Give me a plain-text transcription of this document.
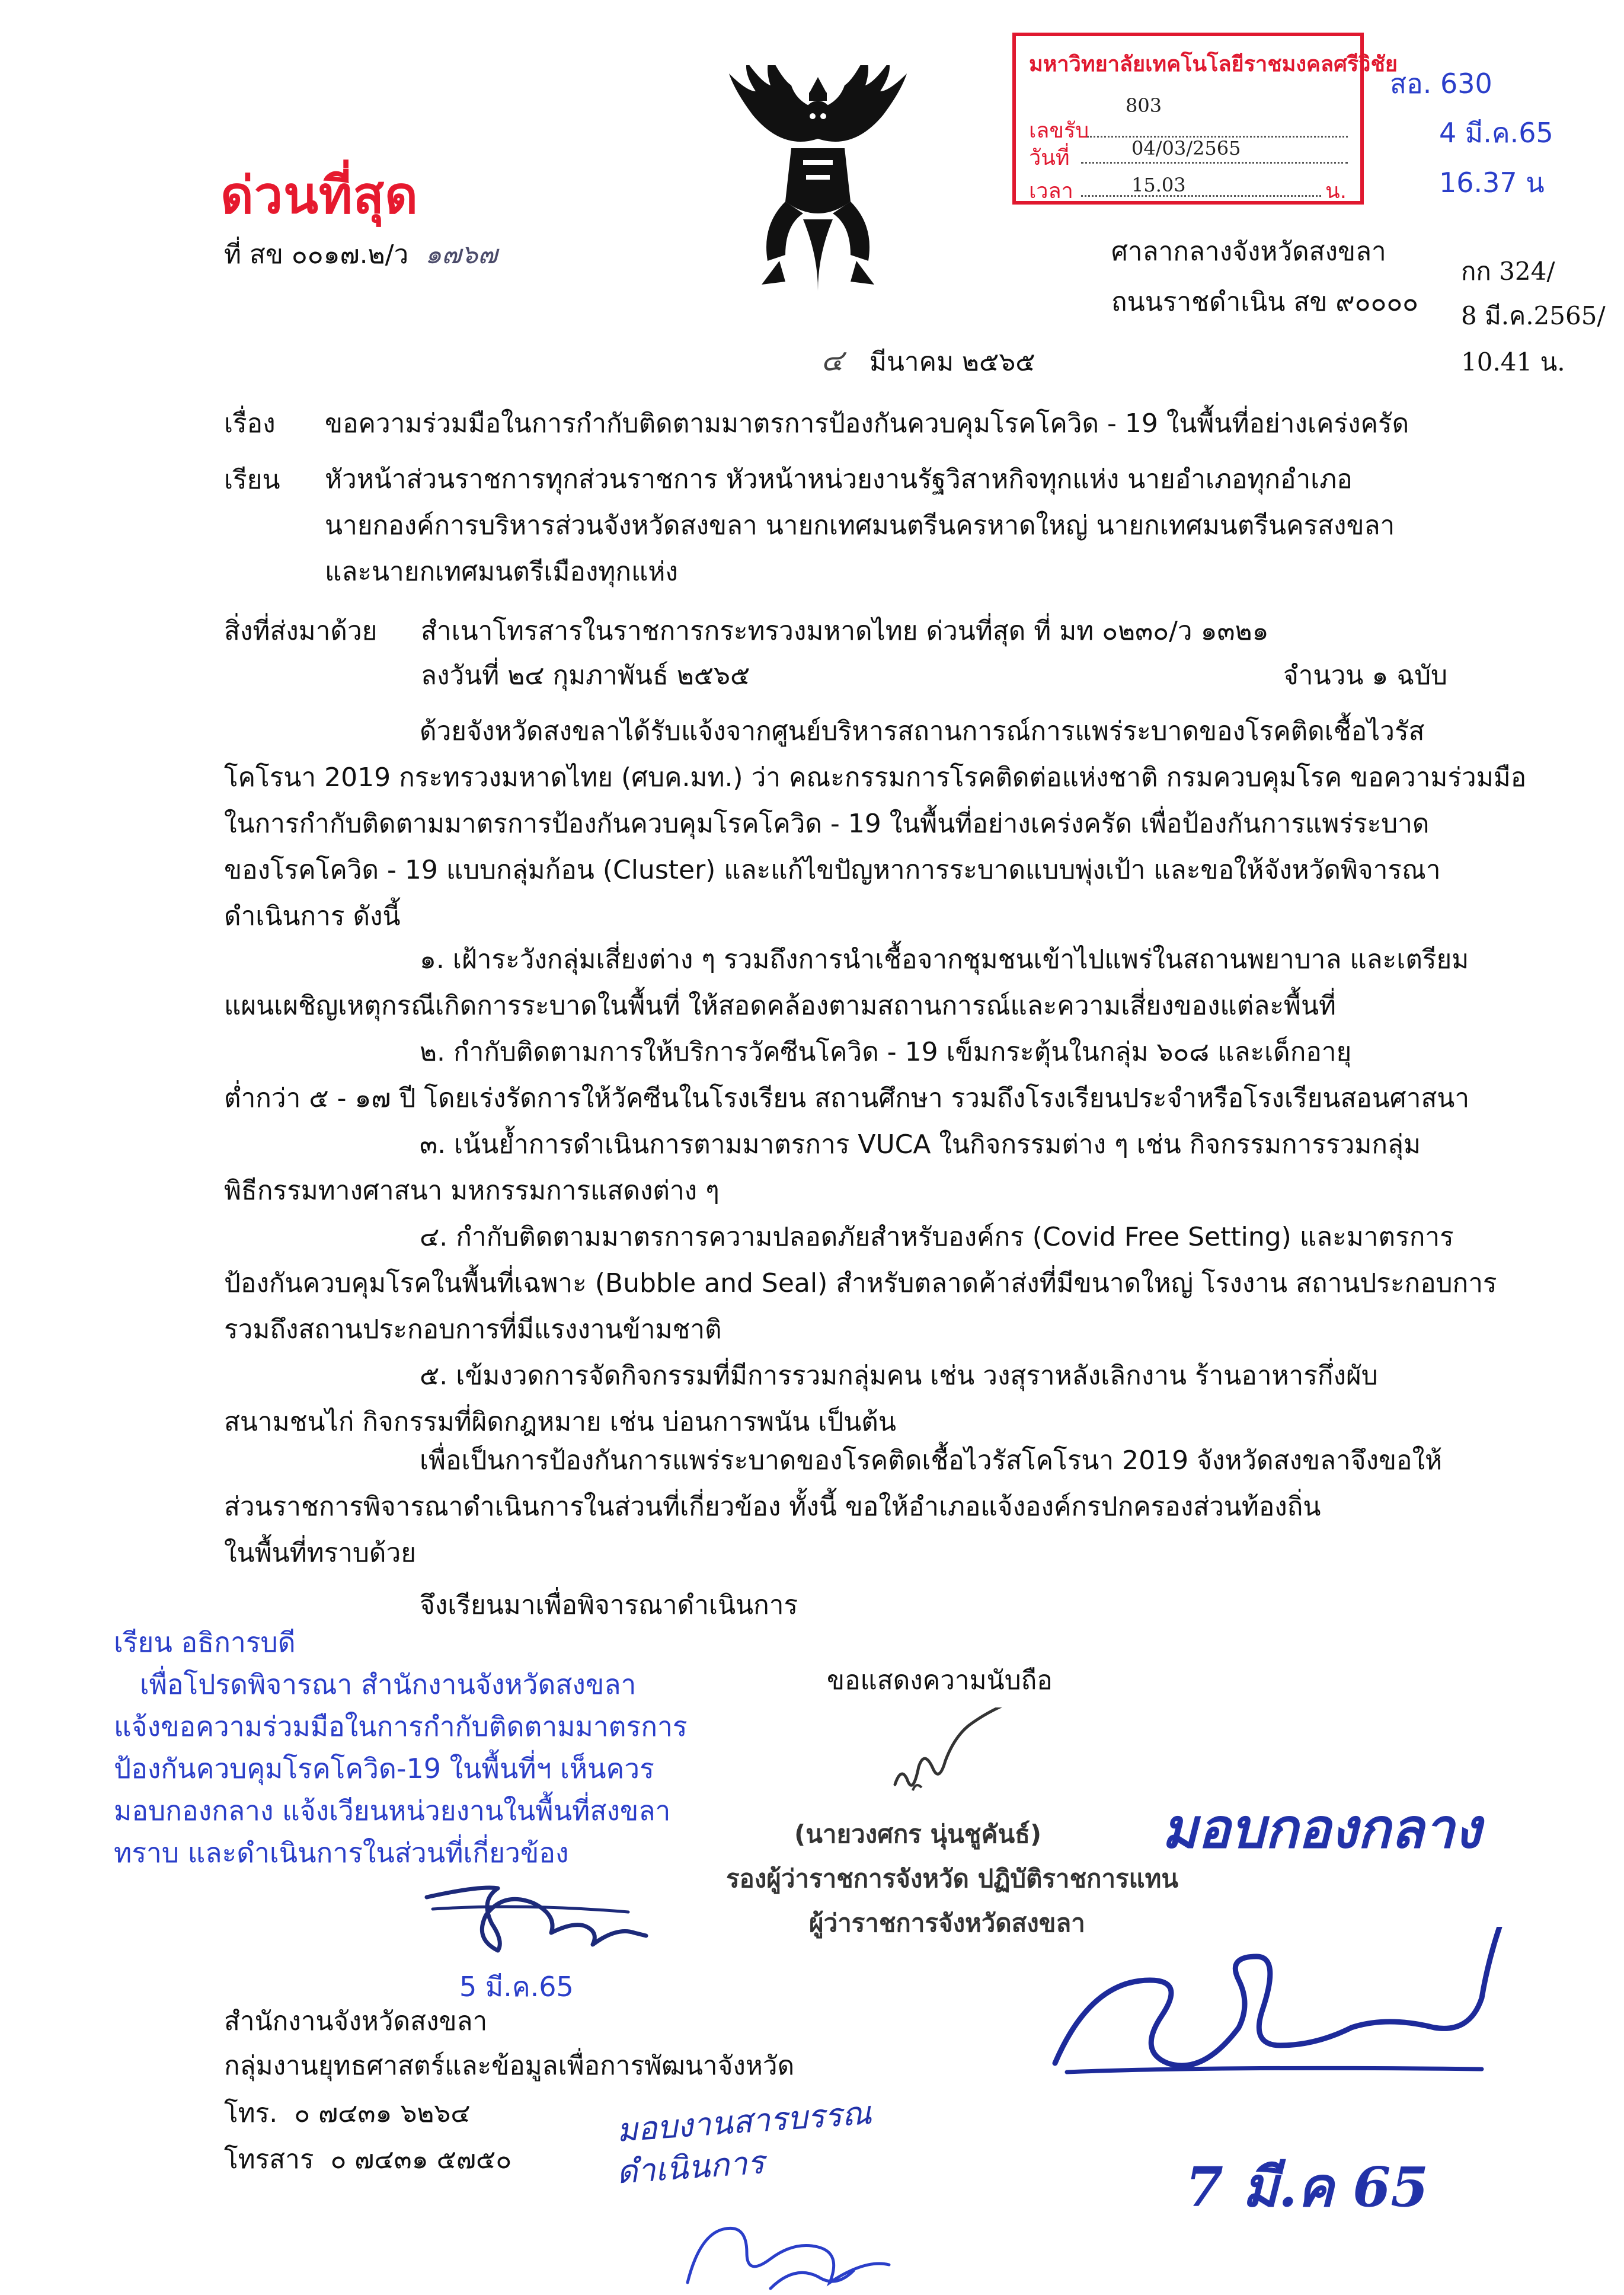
ด่วนที่สุด
ที่ สข ๐๐๑๗.๒/ว ๑๗๖๗
มหาวิทยาลัยเทคโนโลยีราชมงคลศรีวิชัย
เลขรับ
803
วันที่	04/03/2565
เวลา	15.03	น.
สอ. 630
4 มี.ค.65
16.37 น
กก 324/
8 มี.ค.2565/
10.41 น.
ศาลากลางจังหวัดสงขลา
ถนนราชดำเนิน สข ๙๐๐๐๐
๔ มีนาคม ๒๕๖๕
เรื่อง ขอความร่วมมือในการกำกับติดตามมาตรการป้องกันควบคุมโรคโควิด - 19 ในพื้นที่อย่างเคร่งครัด
เรียน หัวหน้าส่วนราชการทุกส่วนราชการ หัวหน้าหน่วยงานรัฐวิสาหกิจทุกแห่ง นายอำเภอทุกอำเภอ
นายกองค์การบริหารส่วนจังหวัดสงขลา นายกเทศมนตรีนครหาดใหญ่ นายกเทศมนตรีนครสงขลา
และนายกเทศมนตรีเมืองทุกแห่ง
สิ่งที่ส่งมาด้วย สำเนาโทรสารในราชการกระทรวงมหาดไทย ด่วนที่สุด ที่ มท ๐๒๓๐/ว ๑๓๒๑
ลงวันที่ ๒๔ กุมภาพันธ์ ๒๕๖๕	จำนวน ๑ ฉบับ
ด้วยจังหวัดสงขลาได้รับแจ้งจากศูนย์บริหารสถานการณ์การแพร่ระบาดของโรคติดเชื้อไวรัส
โคโรนา 2019 กระทรวงมหาดไทย (ศบค.มท.) ว่า คณะกรรมการโรคติดต่อแห่งชาติ กรมควบคุมโรค ขอความร่วมมือ
ในการกำกับติดตามมาตรการป้องกันควบคุมโรคโควิด - 19 ในพื้นที่อย่างเคร่งครัด เพื่อป้องกันการแพร่ระบาด
ของโรคโควิด - 19 แบบกลุ่มก้อน (Cluster) และแก้ไขปัญหาการระบาดแบบพุ่งเป้า และขอให้จังหวัดพิจารณา
ดำเนินการ ดังนี้
๑. เฝ้าระวังกลุ่มเสี่ยงต่าง ๆ รวมถึงการนำเชื้อจากชุมชนเข้าไปแพร่ในสถานพยาบาล และเตรียม
แผนเผชิญเหตุกรณีเกิดการระบาดในพื้นที่ ให้สอดคล้องตามสถานการณ์และความเสี่ยงของแต่ละพื้นที่
๒. กำกับติดตามการให้บริการวัคซีนโควิด - 19 เข็มกระตุ้นในกลุ่ม ๖๐๘ และเด็กอายุ
ต่ำกว่า ๕ - ๑๗ ปี โดยเร่งรัดการให้วัคซีนในโรงเรียน สถานศึกษา รวมถึงโรงเรียนประจำหรือโรงเรียนสอนศาสนา
๓. เน้นย้ำการดำเนินการตามมาตรการ VUCA ในกิจกรรมต่าง ๆ เช่น กิจกรรมการรวมกลุ่ม
พิธีกรรมทางศาสนา มหกรรมการแสดงต่าง ๆ
๔. กำกับติดตามมาตรการความปลอดภัยสำหรับองค์กร (Covid Free Setting) และมาตรการ
ป้องกันควบคุมโรคในพื้นที่เฉพาะ (Bubble and Seal) สำหรับตลาดค้าส่งที่มีขนาดใหญ่ โรงงาน สถานประกอบการ
รวมถึงสถานประกอบการที่มีแรงงานข้ามชาติ
๕. เข้มงวดการจัดกิจกรรมที่มีการรวมกลุ่มคน เช่น วงสุราหลังเลิกงาน ร้านอาหารกึ่งผับ
สนามชนไก่ กิจกรรมที่ผิดกฎหมาย เช่น บ่อนการพนัน เป็นต้น
เพื่อเป็นการป้องกันการแพร่ระบาดของโรคติดเชื้อไวรัสโคโรนา 2019 จังหวัดสงขลาจึงขอให้
ส่วนราชการพิจารณาดำเนินการในส่วนที่เกี่ยวข้อง ทั้งนี้ ขอให้อำเภอแจ้งองค์กรปกครองส่วนท้องถิ่น
ในพื้นที่ทราบด้วย
จึงเรียนมาเพื่อพิจารณาดำเนินการ
เรียน อธิการบดี
เพื่อโปรดพิจารณา สำนักงานจังหวัดสงขลา
แจ้งขอความร่วมมือในการกำกับติดตามมาตรการ
ป้องกันควบคุมโรคโควิด-19 ในพื้นที่ฯ เห็นควร
มอบกองกลาง แจ้งเวียนหน่วยงานในพื้นที่สงขลา
ทราบ และดำเนินการในส่วนที่เกี่ยวข้อง
5 มี.ค.65
ขอแสดงความนับถือ
(นายวงศกร นุ่นชูคันธ์)
รองผู้ว่าราชการจังหวัด ปฏิบัติราชการแทน
ผู้ว่าราชการจังหวัดสงขลา
มอบกองกลาง
7 มี.ค 65
มอบงานสารบรรณ
ดำเนินการ
สำนักงานจังหวัดสงขลา
กลุ่มงานยุทธศาสตร์และข้อมูลเพื่อการพัฒนาจังหวัด
โทร.  ๐ ๗๔๓๑ ๖๒๖๔
โทรสาร  ๐ ๗๔๓๑ ๕๗๕๐
